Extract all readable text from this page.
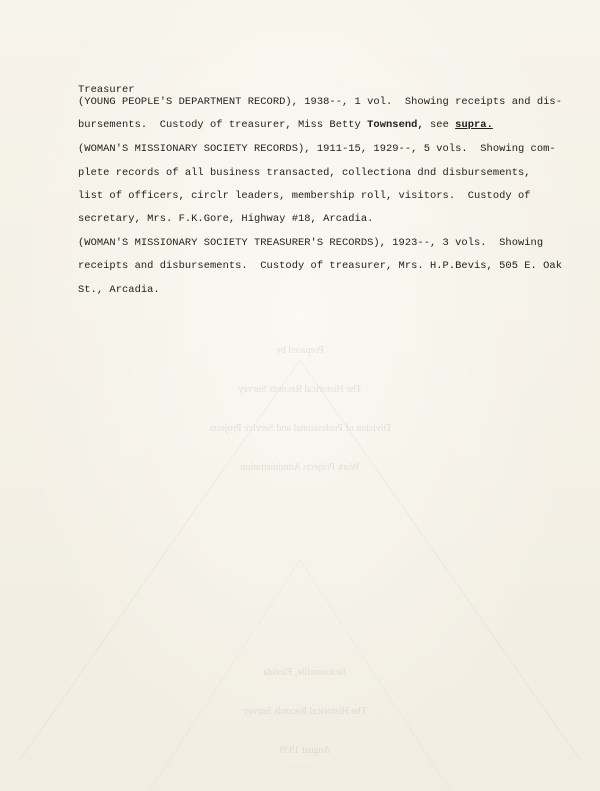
Prepared by

The Historical Records Survey

Division of Professional and Service Projects

Work Projects Administration

Jacksonville, Florida

The Historical Records Survey

August 1939

Treasurer
(YOUNG PEOPLE'S DEPARTMENT RECORD), 1938--, 1 vol.  Showing receipts and dis-
bursements.  Custody of treasurer, Miss Betty Townsend, see supra.
(WOMAN'S MISSIONARY SOCIETY RECORDS), 1911-15, 1929--, 5 vols.  Showing com-
plete records of all business transacted, collectiona dnd disbursements,
list of officers, circlr leaders, membership roll, visitors.  Custody of
secretary, Mrs. F.K.Gore, Highway #18, Arcadia.
(WOMAN'S MISSIONARY SOCIETY TREASURER'S RECORDS), 1923--, 3 vols.  Showing
receipts and disbursements.  Custody of treasurer, Mrs. H.P.Bevis, 505 E. Oak
St., Arcadia.
